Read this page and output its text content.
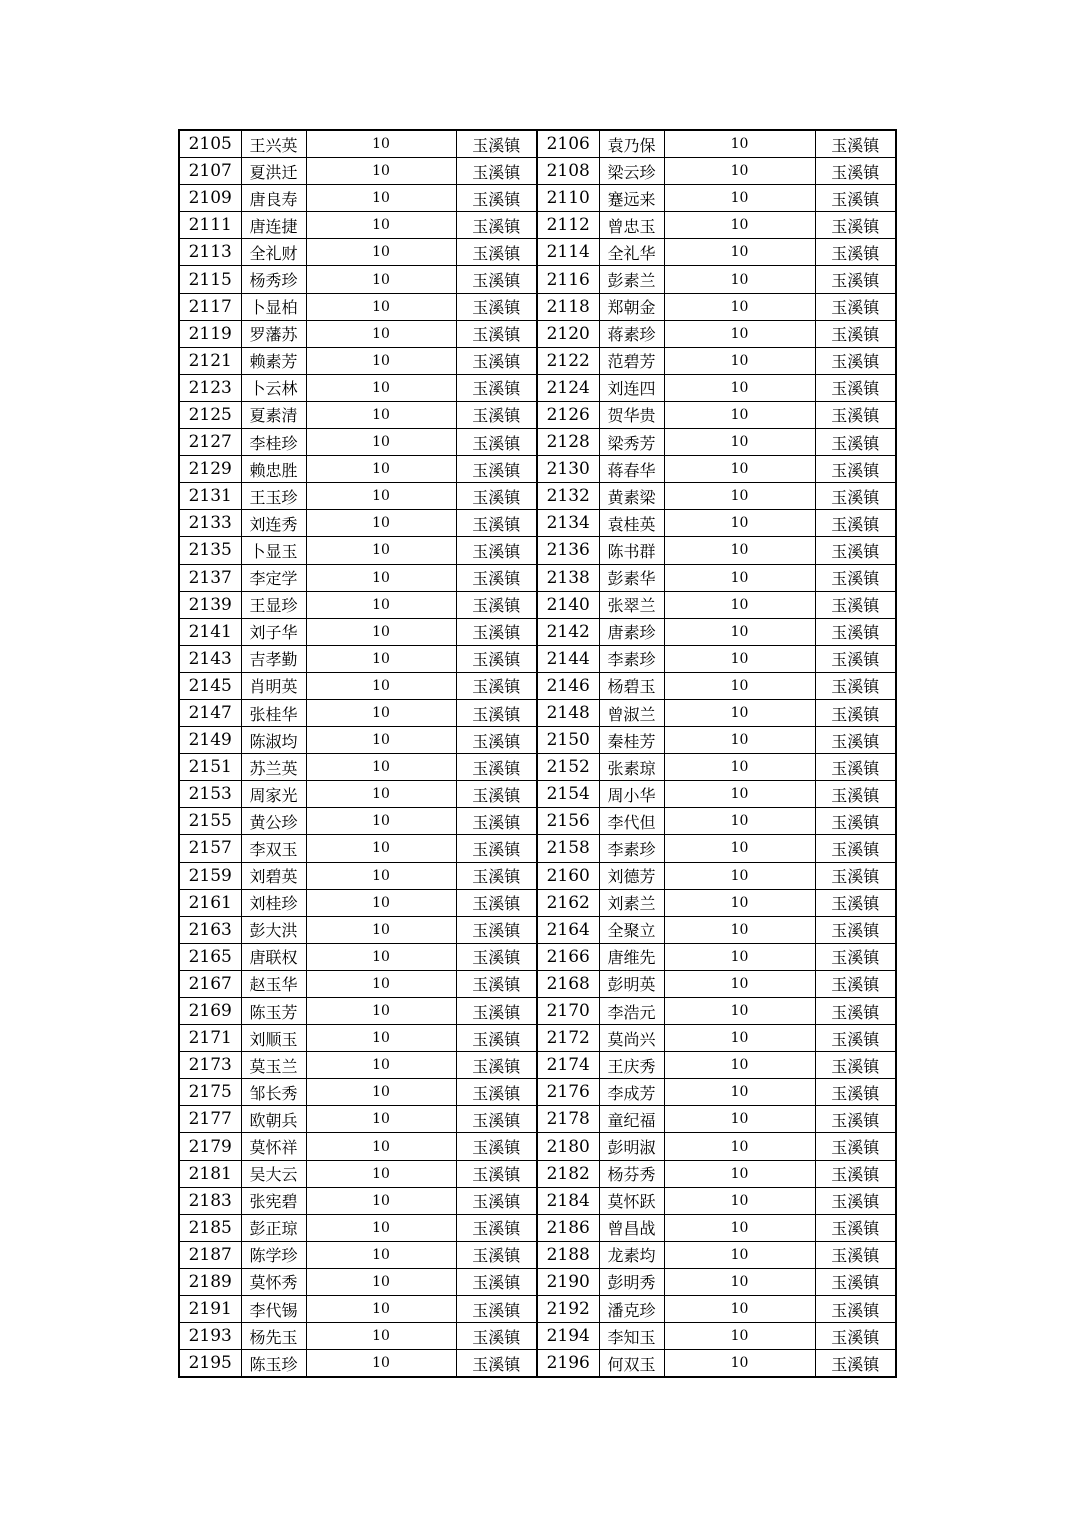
2105	王兴英	10	玉溪镇	2106	袁乃保	10	玉溪镇
2107	夏洪迁	10	玉溪镇	2108	梁云珍	10	玉溪镇
2109	唐良寿	10	玉溪镇	2110	蹇远来	10	玉溪镇
2111	唐连捷	10	玉溪镇	2112	曾忠玉	10	玉溪镇
2113	全礼财	10	玉溪镇	2114	全礼华	10	玉溪镇
2115	杨秀珍	10	玉溪镇	2116	彭素兰	10	玉溪镇
2117	卜显柏	10	玉溪镇	2118	郑朝金	10	玉溪镇
2119	罗藩苏	10	玉溪镇	2120	蒋素珍	10	玉溪镇
2121	赖素芳	10	玉溪镇	2122	范碧芳	10	玉溪镇
2123	卜云林	10	玉溪镇	2124	刘连四	10	玉溪镇
2125	夏素清	10	玉溪镇	2126	贺华贵	10	玉溪镇
2127	李桂珍	10	玉溪镇	2128	梁秀芳	10	玉溪镇
2129	赖忠胜	10	玉溪镇	2130	蒋春华	10	玉溪镇
2131	王玉珍	10	玉溪镇	2132	黄素梁	10	玉溪镇
2133	刘连秀	10	玉溪镇	2134	袁桂英	10	玉溪镇
2135	卜显玉	10	玉溪镇	2136	陈书群	10	玉溪镇
2137	李定学	10	玉溪镇	2138	彭素华	10	玉溪镇
2139	王显珍	10	玉溪镇	2140	张翠兰	10	玉溪镇
2141	刘子华	10	玉溪镇	2142	唐素珍	10	玉溪镇
2143	吉孝勤	10	玉溪镇	2144	李素珍	10	玉溪镇
2145	肖明英	10	玉溪镇	2146	杨碧玉	10	玉溪镇
2147	张桂华	10	玉溪镇	2148	曾淑兰	10	玉溪镇
2149	陈淑均	10	玉溪镇	2150	秦桂芳	10	玉溪镇
2151	苏兰英	10	玉溪镇	2152	张素琼	10	玉溪镇
2153	周家光	10	玉溪镇	2154	周小华	10	玉溪镇
2155	黄公珍	10	玉溪镇	2156	李代但	10	玉溪镇
2157	李双玉	10	玉溪镇	2158	李素珍	10	玉溪镇
2159	刘碧英	10	玉溪镇	2160	刘德芳	10	玉溪镇
2161	刘桂珍	10	玉溪镇	2162	刘素兰	10	玉溪镇
2163	彭大洪	10	玉溪镇	2164	全聚立	10	玉溪镇
2165	唐联权	10	玉溪镇	2166	唐维先	10	玉溪镇
2167	赵玉华	10	玉溪镇	2168	彭明英	10	玉溪镇
2169	陈玉芳	10	玉溪镇	2170	李浩元	10	玉溪镇
2171	刘顺玉	10	玉溪镇	2172	莫尚兴	10	玉溪镇
2173	莫玉兰	10	玉溪镇	2174	王庆秀	10	玉溪镇
2175	邹长秀	10	玉溪镇	2176	李成芳	10	玉溪镇
2177	欧朝兵	10	玉溪镇	2178	童纪福	10	玉溪镇
2179	莫怀祥	10	玉溪镇	2180	彭明淑	10	玉溪镇
2181	吴大云	10	玉溪镇	2182	杨芬秀	10	玉溪镇
2183	张宪碧	10	玉溪镇	2184	莫怀跃	10	玉溪镇
2185	彭正琼	10	玉溪镇	2186	曾昌战	10	玉溪镇
2187	陈学珍	10	玉溪镇	2188	龙素均	10	玉溪镇
2189	莫怀秀	10	玉溪镇	2190	彭明秀	10	玉溪镇
2191	李代锡	10	玉溪镇	2192	潘克珍	10	玉溪镇
2193	杨先玉	10	玉溪镇	2194	李知玉	10	玉溪镇
2195	陈玉珍	10	玉溪镇	2196	何双玉	10	玉溪镇
